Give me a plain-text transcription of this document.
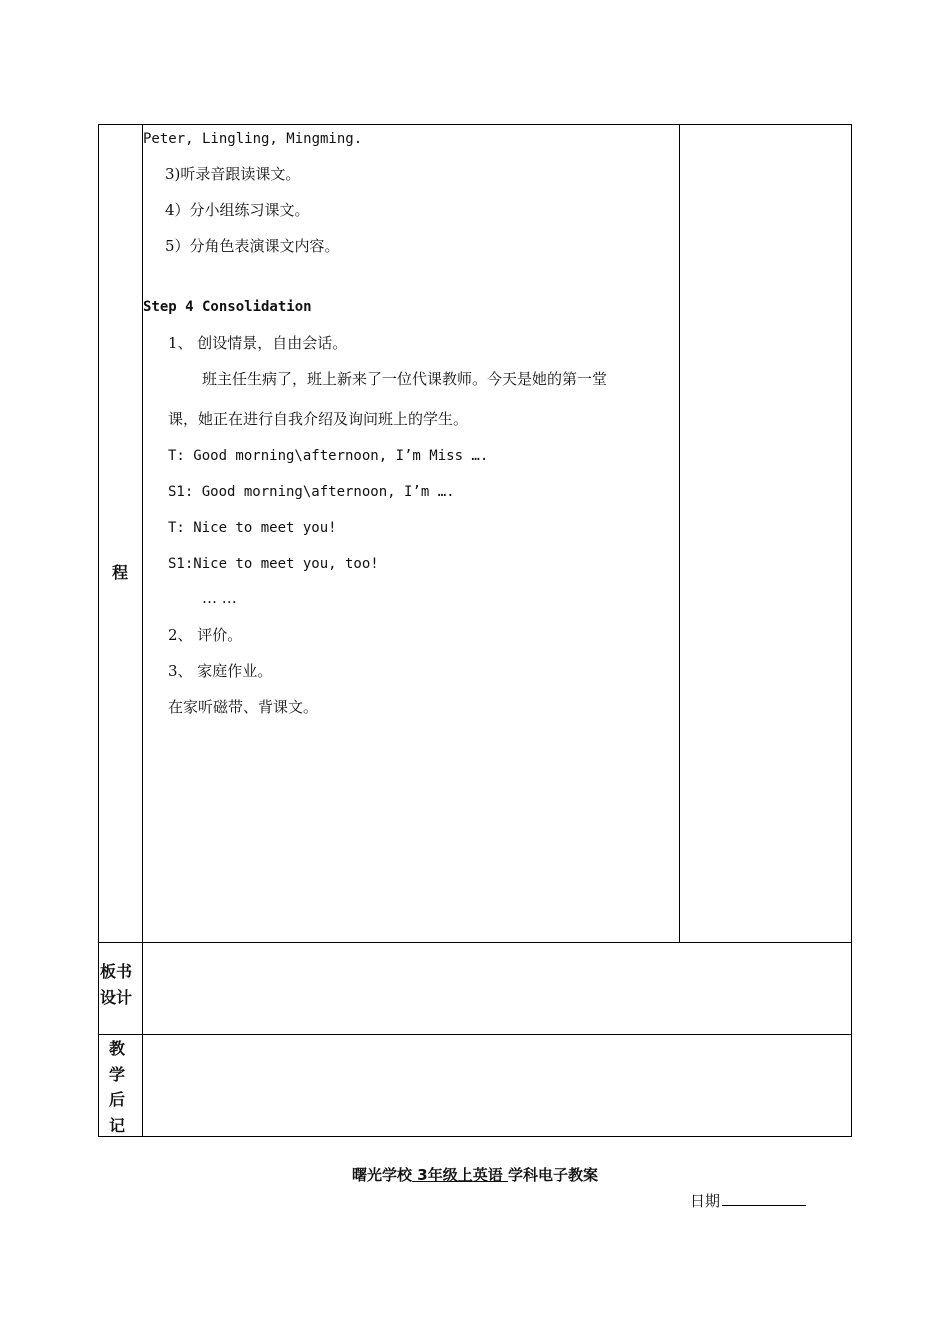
程
Peter, Lingling, Mingming.
3)听录音跟读课文。
4）分小组练习课文。
5）分角色表演课文内容。
Step 4 Consolidation
1、 创设情景，自由会话。
班主任生病了，班上新来了一位代课教师。今天是她的第一堂
课，她正在进行自我介绍及询问班上的学生。
T: Good morning\afternoon, I’m Miss ….
S1: Good morning\afternoon, I’m ….
T: Nice to meet you!
S1:Nice to meet you, too!
… …
2、 评价。
3、 家庭作业。
在家听磁带、背课文。
板书
设计
教
学
后
记
曙光学校 3年级上英语 学科电子教案
日期
